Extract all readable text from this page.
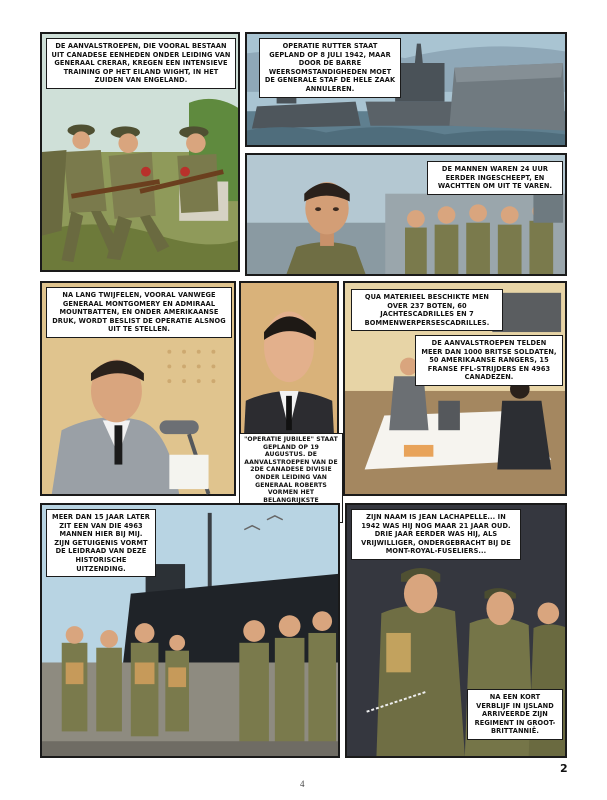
DE AANVALSTROEPEN, DIE VOORAL BESTAAN UIT CANADESE EENHEDEN ONDER LEIDING VAN GENERAAL CRERAR, KREGEN EEN INTENSIEVE TRAINING OP HET EILAND WIGHT, IN HET ZUIDEN VAN ENGELAND.
OPERATIE RUTTER STAAT GEPLAND OP 8 JULI 1942, MAAR DOOR DE BARRE WEERSOMSTANDIGHEDEN MOET DE GENERALE STAF DE HELE ZAAK ANNULEREN.
DE MANNEN WAREN 24 UUR EERDER INGESCHEEPT, EN WACHTTEN OM UIT TE VAREN.
NA LANG TWIJFELEN, VOORAL VANWEGE GENERAAL MONTGOMERY EN ADMIRAAL MOUNTBATTEN, EN ONDER AMERIKAANSE DRUK, WORDT BESLIST DE OPERATIE ALSNOG UIT TE STELLEN.
"OPERATIE JUBILEE" STAAT GEPLAND OP 19 AUGUSTUS. DE AANVALSTROEPEN VAN DE 2DE CANADESE DIVISIE ONDER LEIDING VAN GENERAAL ROBERTS VORMEN HET BELANGRIJKSTE
QUA MATERIEEL BESCHIKTE MEN OVER 237 BOTEN, 60 JACHTESCADRILLES EN 7 BOMMENWERPERSESCADRILLES.
DE AANVALSTROEPEN TELDEN MEER DAN 1000 BRITSE SOLDATEN, 50 AMERIKAANSE RANGERS, 15 FRANSE FFL-STRIJDERS EN 4963 CANADEZEN.
MEER DAN 15 JAAR LATER ZIT EEN VAN DIE 4963 MANNEN HIER BIJ MIJ. ZIJN GETUIGENIS VORMT DE LEIDRAAD VAN DEZE HISTORISCHE UITZENDING.
ZIJN NAAM IS JEAN LACHAPELLE... IN 1942 WAS HIJ NOG MAAR 21 JAAR OUD. DRIE JAAR EERDER WAS HIJ, ALS VRIJWILLIGER, ONDERGEBRACHT BIJ DE MONT-ROYAL-FUSELIERS...
NA EEN KORT VERBLIJF IN IJSLAND ARRIVEERDE ZIJN REGIMENT IN GROOT-BRITTANNIË.
2
4
